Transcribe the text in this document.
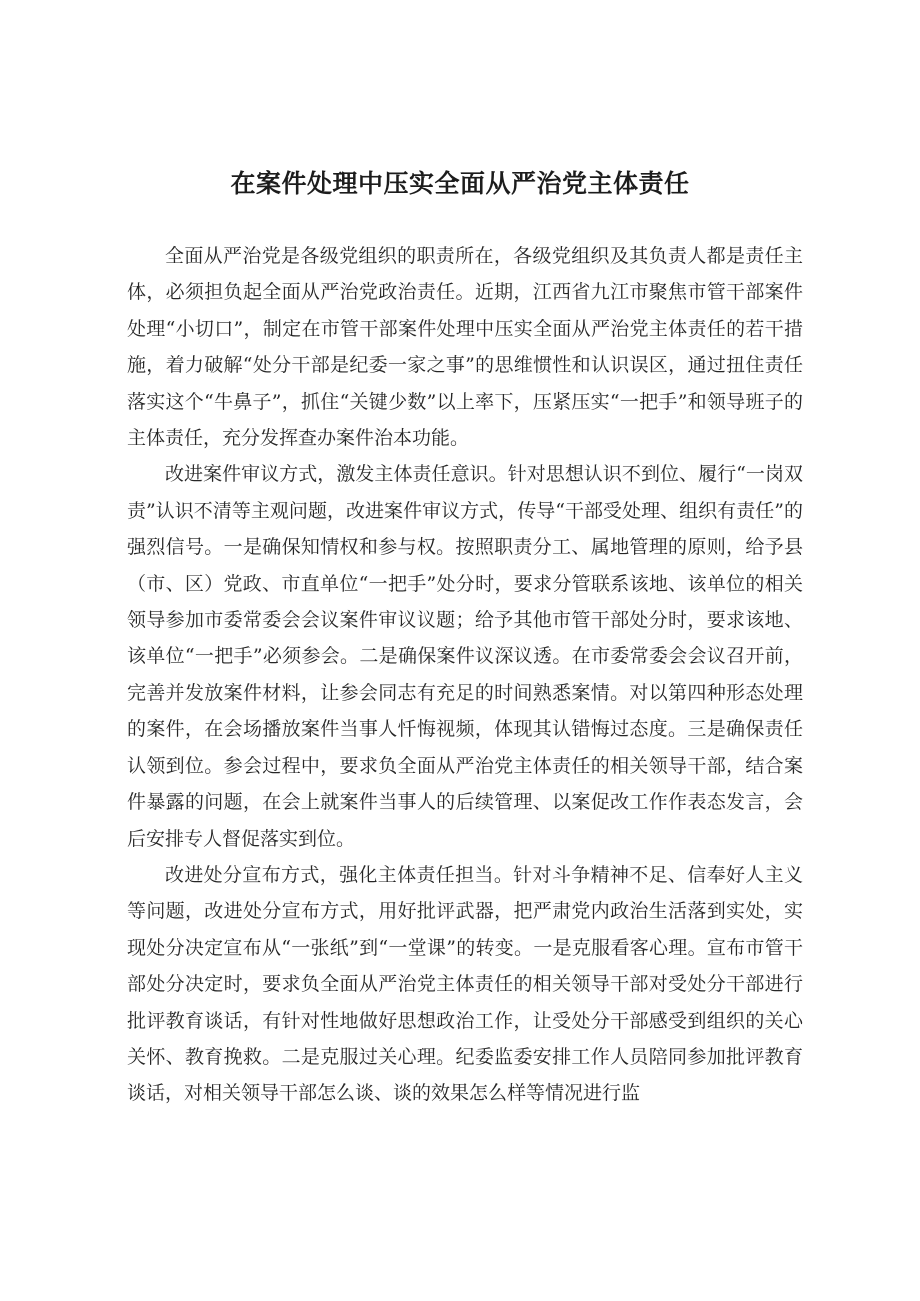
在案件处理中压实全面从严治党主体责任

全面从严治党是各级党组织的职责所在，各级党组织及其负责人都是责任主体，必须担负起全面从严治党政治责任。近期，江西省九江市聚焦市管干部案件处理“小切口”，制定在市管干部案件处理中压实全面从严治党主体责任的若干措施，着力破解“处分干部是纪委一家之事”的思维惯性和认识误区，通过扭住责任落实这个“牛鼻子”，抓住“关键少数”以上率下，压紧压实“一把手”和领导班子的主体责任，充分发挥查办案件治本功能。

改进案件审议方式，激发主体责任意识。针对思想认识不到位、履行“一岗双责”认识不清等主观问题，改进案件审议方式，传导“干部受处理、组织有责任”的强烈信号。一是确保知情权和参与权。按照职责分工、属地管理的原则，给予县（市、区）党政、市直单位“一把手”处分时，要求分管联系该地、该单位的相关领导参加市委常委会会议案件审议议题；给予其他市管干部处分时，要求该地、该单位“一把手”必须参会。二是确保案件议深议透。在市委常委会会议召开前，完善并发放案件材料，让参会同志有充足的时间熟悉案情。对以第四种形态处理的案件，在会场播放案件当事人忏悔视频，体现其认错悔过态度。三是确保责任认领到位。参会过程中，要求负全面从严治党主体责任的相关领导干部，结合案件暴露的问题，在会上就案件当事人的后续管理、以案促改工作作表态发言，会后安排专人督促落实到位。

改进处分宣布方式，强化主体责任担当。针对斗争精神不足、信奉好人主义等问题，改进处分宣布方式，用好批评武器，把严肃党内政治生活落到实处，实现处分决定宣布从“一张纸”到“一堂课”的转变。一是克服看客心理。宣布市管干部处分决定时，要求负全面从严治党主体责任的相关领导干部对受处分干部进行批评教育谈话，有针对性地做好思想政治工作，让受处分干部感受到组织的关心关怀、教育挽救。二是克服过关心理。纪委监委安排工作人员陪同参加批评教育谈话，对相关领导干部怎么谈、谈的效果怎么样等情况进行监
